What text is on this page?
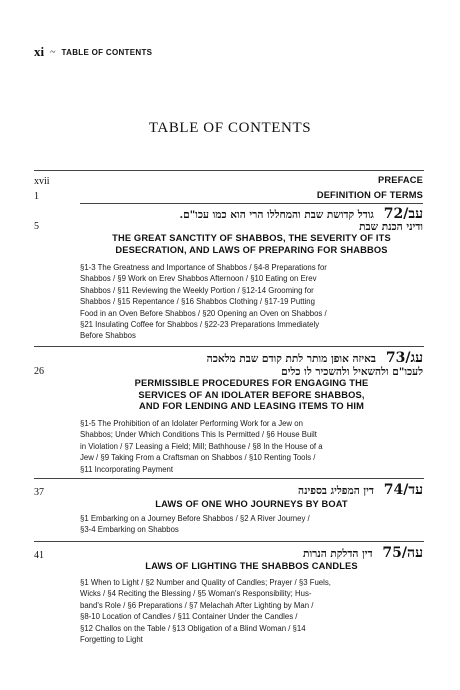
xi ~ TABLE OF CONTENTS
TABLE OF CONTENTS
xvii	PREFACE
1	DEFINITION OF TERMS
עב/72 גודל קדושת שבת והמחללו הרי הוא כמו עכו"ם.
ודיני הכנת שבת
5
THE GREAT SANCTITY OF SHABBOS, THE SEVERITY OF ITS
DESECRATION, AND LAWS OF PREPARING FOR SHABBOS
§1-3 The Greatness and Importance of Shabbos / §4-8 Preparations for
Shabbos / §9 Work on Erev Shabbos Afternoon / §10 Eating on Erev
Shabbos / §11 Reviewing the Weekly Portion / §12-14 Grooming for
Shabbos / §15 Repentance / §16 Shabbos Clothing / §17-19 Putting
Food in an Oven Before Shabbos / §20 Opening an Oven on Shabbos /
§21 Insulating Coffee for Shabbos / §22-23 Preparations Immediately
Before Shabbos
עג/73 באיזה אופן מותר לתת קודם שבת מלאכה
לעכו"ם ולהשאיל ולהשכיר לו כלים
26
PERMISSIBLE PROCEDURES FOR ENGAGING THE
SERVICES OF AN IDOLATER BEFORE SHABBOS,
AND FOR LENDING AND LEASING ITEMS TO HIM
§1-5 The Prohibition of an Idolater Performing Work for a Jew on
Shabbos; Under Which Conditions This Is Permitted / §6 House Built
in Violation / §7 Leasing a Field; Mill; Bathhouse / §8 In the House of a
Jew / §9 Taking From a Craftsman on Shabbos / §10 Renting Tools /
§11 Incorporating Payment
עד/74 דין המפליג בספינה
37
LAWS OF ONE WHO JOURNEYS BY BOAT
§1 Embarking on a Journey Before Shabbos / §2 A River Journey /
§3-4 Embarking on Shabbos
עה/75 דין הדלקת הנרות
41
LAWS OF LIGHTING THE SHABBOS CANDLES
§1 When to Light / §2 Number and Quality of Candles; Prayer / §3 Fuels,
Wicks / §4 Reciting the Blessing / §5 Woman's Responsibility; Hus-
band's Role / §6 Preparations / §7 Melachah After Lighting by Man /
§8-10 Location of Candles / §11 Container Under the Candles /
§12 Challos on the Table / §13 Obligation of a Blind Woman / §14
Forgetting to Light
